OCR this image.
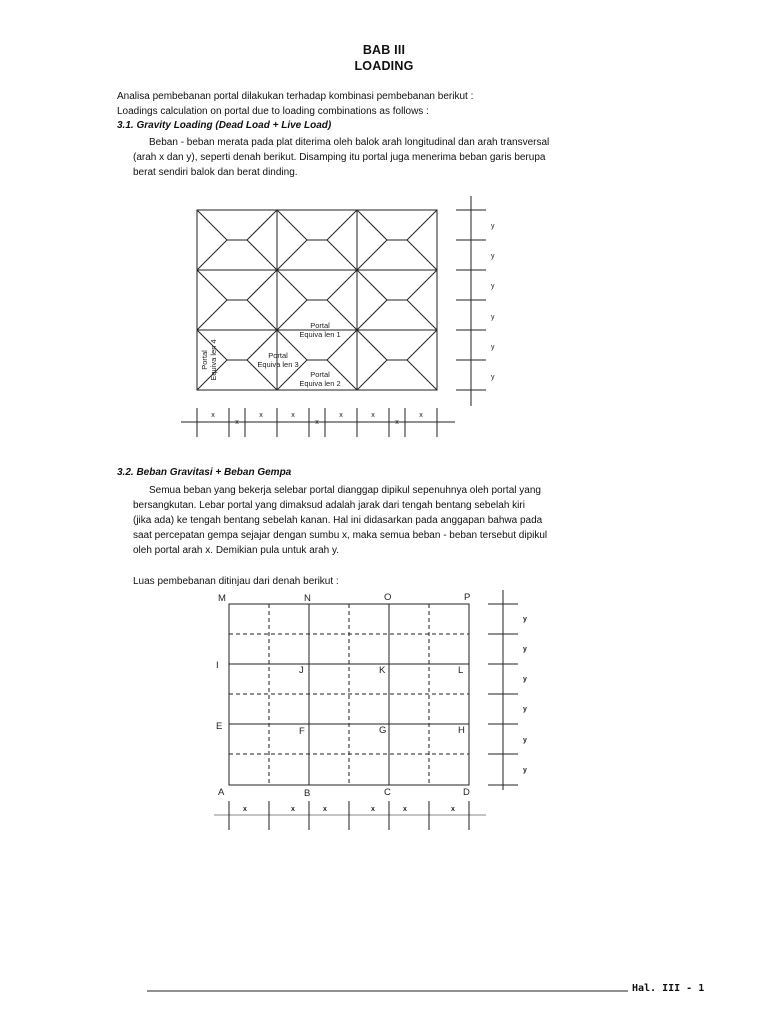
BAB III
LOADING
Analisa pembebanan portal dilakukan terhadap kombinasi pembebanan berikut :
Loadings calculation on portal due to loading combinations as follows :
3.1. Gravity Loading (Dead Load + Live Load)
Beban - beban merata pada plat diterima oleh balok arah longitudinal dan arah transversal
(arah x dan y), seperti denah berikut. Disamping itu portal juga menerima beban garis berupa
berat sendiri balok dan berat dinding.
y
y
y
y
y
y
x
x
x	x
x
x	x
x
x
Portal
Equiva len 1
Portal
Equiva len 3
Portal
Equiva len 2
Portal Equiva len 4
y
y
y
y
y
y
x	x	x	x	x	x
M	N	O	P
I
E
J	K	L
F	G	H
A	B	C	D
3.2. Beban Gravitasi + Beban Gempa
Semua beban yang bekerja selebar portal dianggap dipikul sepenuhnya oleh portal yang
bersangkutan. Lebar portal yang dimaksud adalah jarak dari tengah bentang sebelah kiri
(jika ada) ke tengah bentang sebelah kanan. Hal ini didasarkan pada anggapan bahwa pada
saat percepatan gempa sejajar dengan sumbu x, maka semua beban - beban tersebut dipikul
oleh portal arah x. Demikian pula untuk arah y.
Luas pembebanan ditinjau dari denah berikut :
Hal. III - 1
